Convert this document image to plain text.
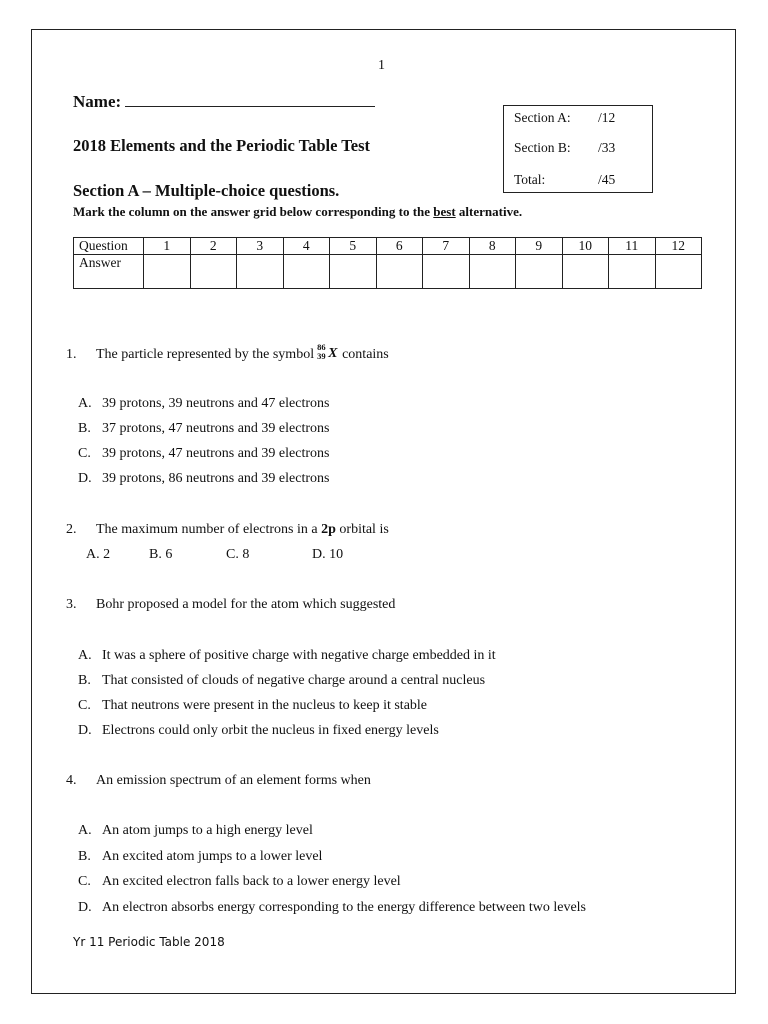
1
Name:
2018 Elements and the Periodic Table Test
Section A: /12
Section B: /33
Total:	/45
Section A – Multiple-choice questions.
Mark the column on the answer grid below corresponding to the best alternative.
Question	1	2	3	4	5	6	7	8	9	10	11	12
Answer												
1. The particle represented by the symbol
86
39 X contains
A. 39 protons, 39 neutrons and 47 electrons
B. 37 protons, 47 neutrons and 39 electrons
C. 39 protons, 47 neutrons and 39 electrons
D. 39 protons, 86 neutrons and 39 electrons
2. The maximum number of electrons in a 2p orbital is
A. 2	B. 6	C. 8	D. 10
3. Bohr proposed a model for the atom which suggested
A. It was a sphere of positive charge with negative charge embedded in it
B. That consisted of clouds of negative charge around a central nucleus
C. That neutrons were present in the nucleus to keep it stable
D. Electrons could only orbit the nucleus in fixed energy levels
4. An emission spectrum of an element forms when
A. An atom jumps to a high energy level
B. An excited atom jumps to a lower level
C. An excited electron falls back to a lower energy level
D. An electron absorbs energy corresponding to the energy difference between two levels
Yr 11 Periodic Table 2018
